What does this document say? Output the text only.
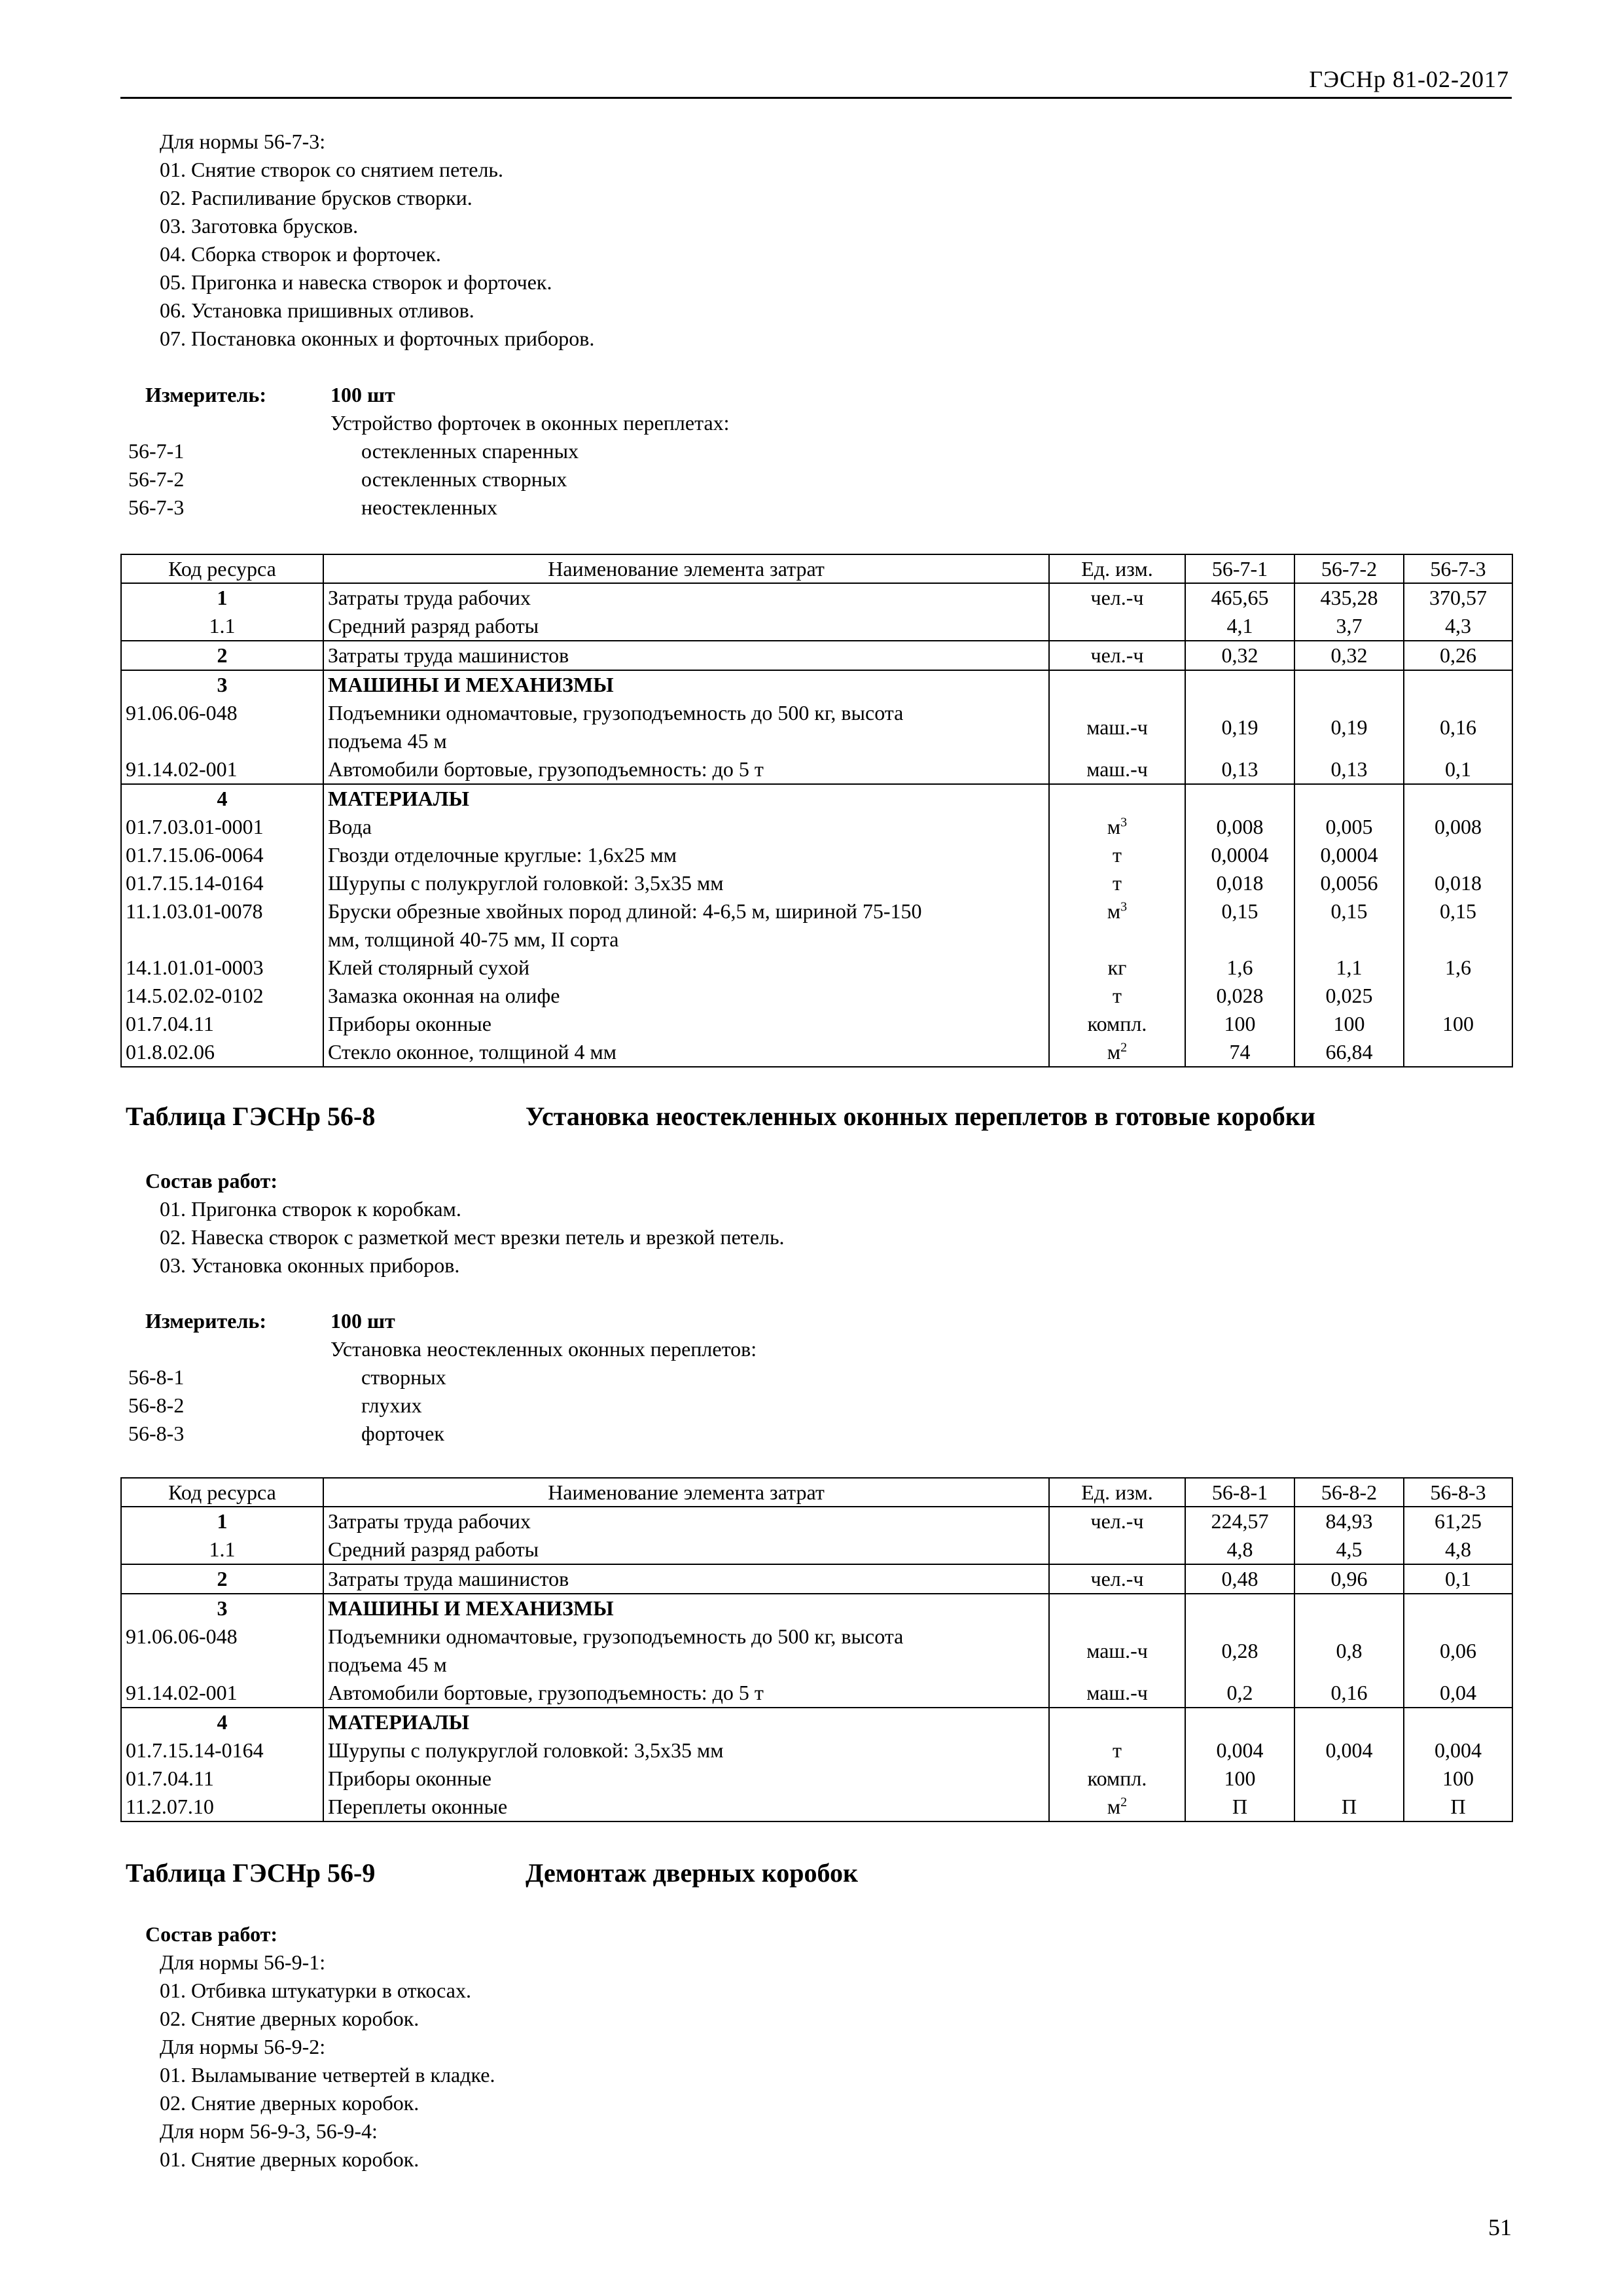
ГЭСНр 81-02-2017
Для нормы 56-7-3:
01. Снятие створок со снятием петель.
02. Распиливание брусков створки.
03. Заготовка брусков.
04. Сборка створок и форточек.
05. Пригонка и навеска створок и форточек.
06. Установка пришивных отливов.
07. Постановка оконных и форточных приборов.
Измеритель:	100 шт
Устройство форточек в оконных переплетах:
56-7-1	остекленных спаренных
56-7-2	остекленных створных
56-7-3	неостекленных
Код ресурса	Наименование элемента затрат	Ед. изм.	56-7-1	56-7-2	56-7-3
1	Затраты труда рабочих	чел.-ч	465,65	435,28	370,57
1.1	Средний разряд работы		4,1	3,7	4,3
2	Затраты труда машинистов	чел.-ч	0,32	0,32	0,26
3	МАШИНЫ И МЕХАНИЗМЫ				
91.06.06-048	Подъемники одномачтовые, грузоподъемность до 500 кг, высота
подъема 45 м	маш.-ч	0,19	0,19	0,16
91.14.02-001	Автомобили бортовые, грузоподъемность: до 5 т	маш.-ч	0,13	0,13	0,1
4	МАТЕРИАЛЫ				
01.7.03.01-0001	Вода	$м^3$	0,008	0,005	0,008
01.7.15.06-0064	Гвозди отделочные круглые: 1,6х25 мм	т	0,0004	0,0004	
01.7.15.14-0164	Шурупы с полукруглой головкой: 3,5х35 мм	т	0,018	0,0056	0,018
11.1.03.01-0078	Бруски обрезные хвойных пород длиной: 4-6,5 м, шириной 75-150
мм, толщиной 40-75 мм, II сорта	$м^3$	0,15	0,15	0,15
14.1.01.01-0003	Клей столярный сухой	кг	1,6	1,1	1,6
14.5.02.02-0102	Замазка оконная на олифе	т	0,028	0,025	
01.7.04.11	Приборы оконные	компл.	100	100	100
01.8.02.06	Стекло оконное, толщиной 4 мм	$м^2$	74	66,84	
Таблица ГЭСНр 56-8	Установка неостекленных оконных переплетов в готовые коробки
Состав работ:
01. Пригонка створок к коробкам.
02. Навеска створок с разметкой мест врезки петель и врезкой петель.
03. Установка оконных приборов.
Измеритель:	100 шт
Установка неостекленных оконных переплетов:
56-8-1	створных
56-8-2	глухих
56-8-3	форточек
Код ресурса	Наименование элемента затрат	Ед. изм.	56-8-1	56-8-2	56-8-3
1	Затраты труда рабочих	чел.-ч	224,57	84,93	61,25
1.1	Средний разряд работы		4,8	4,5	4,8
2	Затраты труда машинистов	чел.-ч	0,48	0,96	0,1
3	МАШИНЫ И МЕХАНИЗМЫ				
91.06.06-048	Подъемники одномачтовые, грузоподъемность до 500 кг, высота
подъема 45 м	маш.-ч	0,28	0,8	0,06
91.14.02-001	Автомобили бортовые, грузоподъемность: до 5 т	маш.-ч	0,2	0,16	0,04
4	МАТЕРИАЛЫ				
01.7.15.14-0164	Шурупы с полукруглой головкой: 3,5х35 мм	т	0,004	0,004	0,004
01.7.04.11	Приборы оконные	компл.	100		100
11.2.07.10	Переплеты оконные	$м^2$	П	П	П
Таблица ГЭСНр 56-9	Демонтаж дверных коробок
Состав работ:
Для нормы 56-9-1:
01. Отбивка штукатурки в откосах.
02. Снятие дверных коробок.
Для нормы 56-9-2:
01. Выламывание четвертей в кладке.
02. Снятие дверных коробок.
Для норм 56-9-3, 56-9-4:
01. Снятие дверных коробок.
51
